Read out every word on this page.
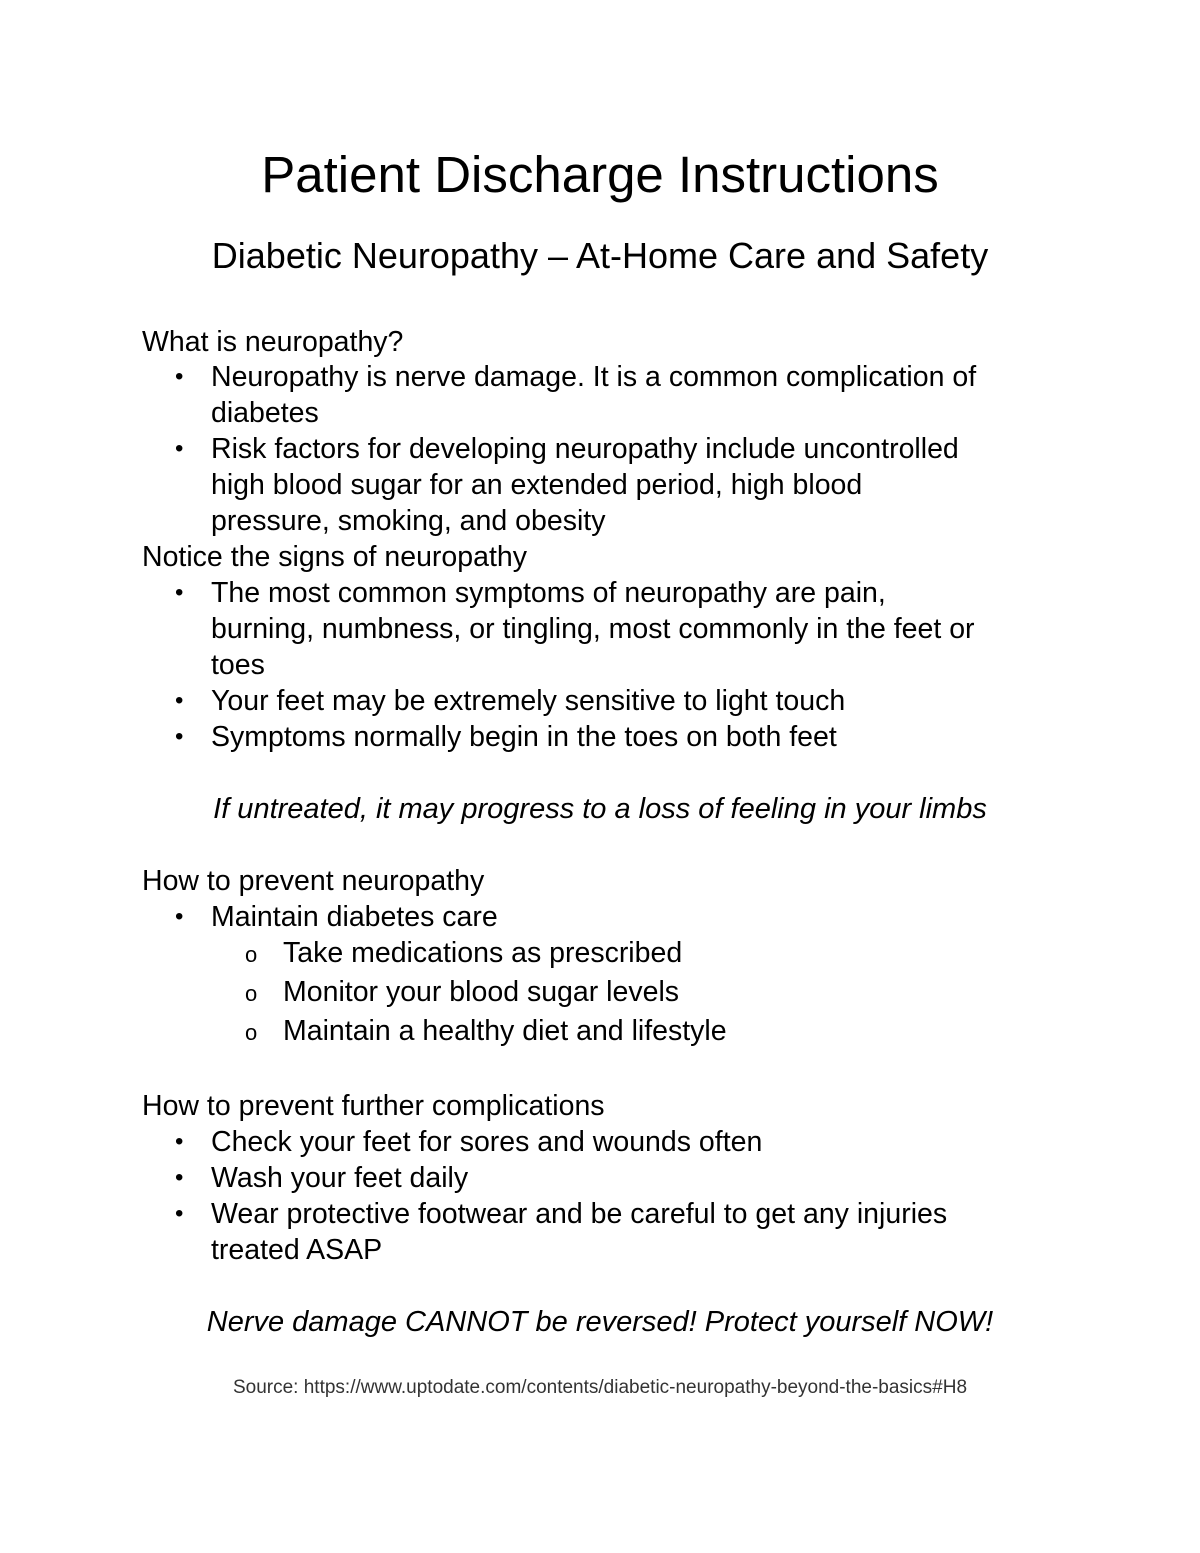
Patient Discharge Instructions
Diabetic Neuropathy – At-Home Care and Safety

What is neuropathy?

• Neuropathy is nerve damage. It is a common complication of

diabetes

• Risk factors for developing neuropathy include uncontrolled

high blood sugar for an extended period, high blood

pressure, smoking, and obesity

Notice the signs of neuropathy

• The most common symptoms of neuropathy are pain,

burning, numbness, or tingling, most commonly in the feet or

toes

• Your feet may be extremely sensitive to light touch

• Symptoms normally begin in the toes on both feet

If untreated, it may progress to a loss of feeling in your limbs

How to prevent neuropathy

• Maintain diabetes care

o Take medications as prescribed

o Monitor your blood sugar levels

o Maintain a healthy diet and lifestyle

How to prevent further complications

• Check your feet for sores and wounds often

• Wash your feet daily

• Wear protective footwear and be careful to get any injuries

treated ASAP

Nerve damage CANNOT be reversed! Protect yourself NOW!

Source: https://www.uptodate.com/contents/diabetic-neuropathy-beyond-the-basics#H8
